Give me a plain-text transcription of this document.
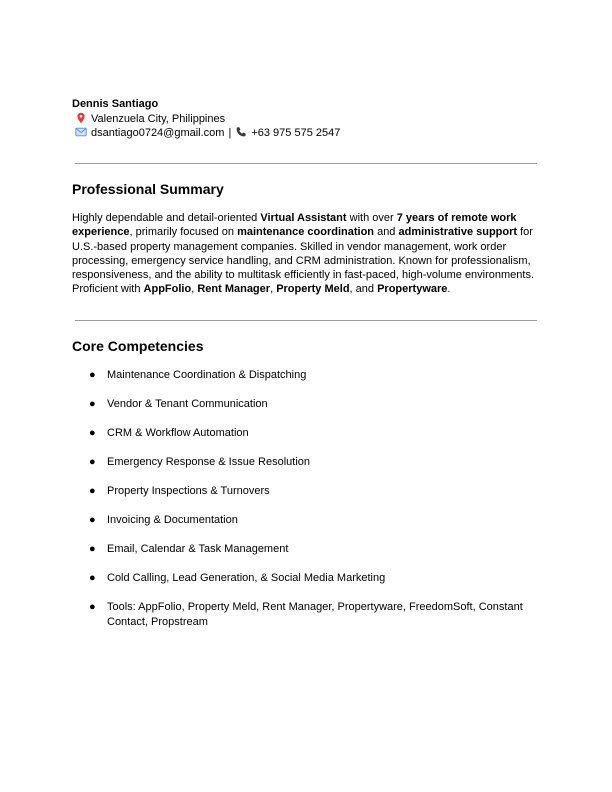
Dennis Santiago
Valenzuela City, Philippines
dsantiago0724@gmail.com | +63 975 575 2547
Professional Summary

Highly dependable and detail-oriented Virtual Assistant with over 7 years of remote work experience, primarily focused on maintenance coordination and administrative support for U.S.-based property management companies. Skilled in vendor management, work order processing, emergency service handling, and CRM administration. Known for professionalism, responsiveness, and the ability to multitask efficiently in fast-paced, high-volume environments. Proficient with AppFolio, Rent Manager, Property Meld, and Propertyware.

Core Competencies
● Maintenance Coordination & Dispatching
● Vendor & Tenant Communication
● CRM & Workflow Automation
● Emergency Response & Issue Resolution
● Property Inspections & Turnovers
● Invoicing & Documentation
● Email, Calendar & Task Management
● Cold Calling, Lead Generation, & Social Media Marketing
● Tools: AppFolio, Property Meld, Rent Manager, Propertyware, FreedomSoft, Constant Contact, Propstream
